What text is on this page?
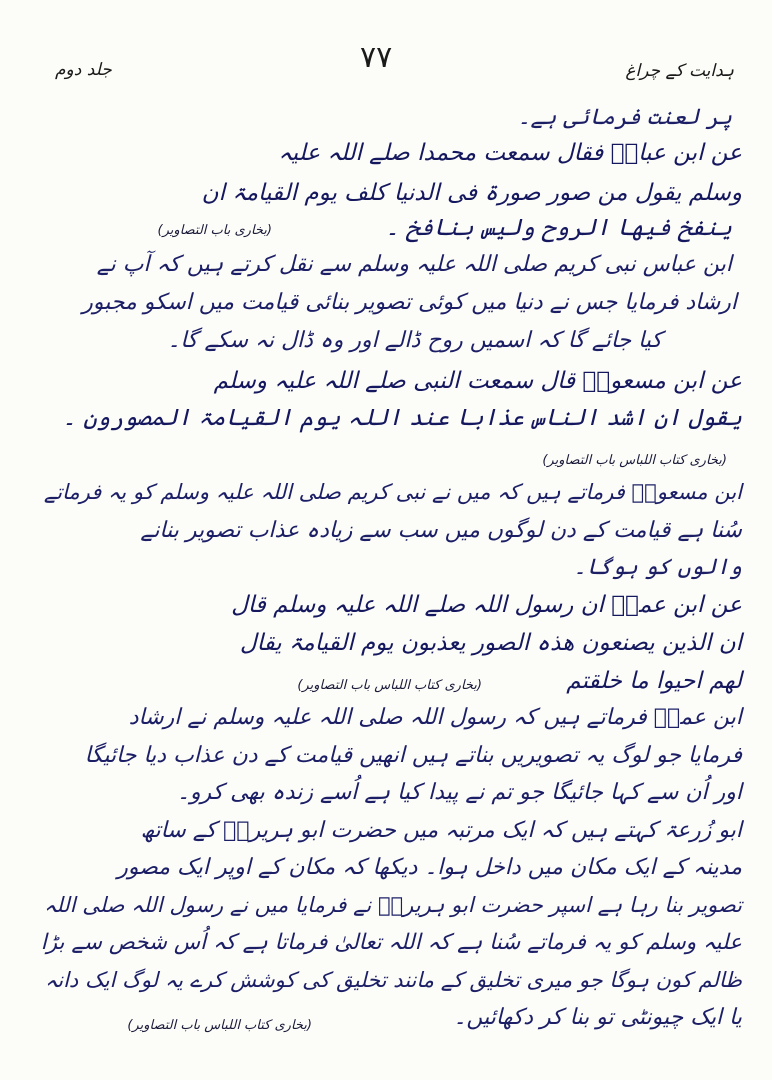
جلد دوم	۷۷	ہدایت کے چراغ
پر لعنت فرمائی ہے۔
عن ابن عباسؓ فقال سمعت محمدا صلے اللہ علیہ
وسلم یقول من صور صورۃ فی الدنیا کلف یوم القیامۃ ان
ینفخ فیھا الروح ولیس بنافخ ۔
(بخاری باب التصاویر)
ابن عباس نبی کریم صلی اللہ علیہ وسلم سے نقل کرتے ہیں کہ آپ نے
ارشاد فرمایا جس نے دنیا میں کوئی تصویر بنائی قیامت میں اسکو مجبور
کیا جائے گا کہ اسمیں روح ڈالے اور وہ ڈال نہ سکے گا۔
عن ابن مسعودؓ قال سمعت النبی صلے اللہ علیہ وسلم
یقول ان اشد الناس عذابا عند اللہ یوم القیامۃ المصورون ۔
(بخاری کتاب اللباس باب التصاویر)
ابن مسعودؓ فرماتے ہیں کہ میں نے نبی کریم صلی اللہ علیہ وسلم کو یہ فرماتے
سُنا ہے قیامت کے دن لوگوں میں سب سے زیادہ عذاب تصویر بنانے
والوں کو ہوگا۔
عن ابن عمرؓ ان رسول اللہ صلے اللہ علیہ وسلم قال
ان الذین یصنعون ھذہ الصور یعذبون یوم القیامۃ یقال
لھم احیوا ما خلقتم
(بخاری کتاب اللباس باب التصاویر)
ابن عمرؓ فرماتے ہیں کہ رسول اللہ صلی اللہ علیہ وسلم نے ارشاد
فرمایا جو لوگ یہ تصویریں بناتے ہیں انھیں قیامت کے دن عذاب دیا جائیگا
اور اُن سے کہا جائیگا جو تم نے پیدا کیا ہے اُسے زندہ بھی کرو۔
ابو زُرعۃ کہتے ہیں کہ ایک مرتبہ میں حضرت ابو ہریرہؓ کے ساتھ
مدینہ کے ایک مکان میں داخل ہوا۔ دیکھا کہ مکان کے اوپر ایک مصور
تصویر بنا رہا ہے اسپر حضرت ابو ہریرہؓ نے فرمایا میں نے رسول اللہ صلی اللہ
علیہ وسلم کو یہ فرماتے سُنا ہے کہ اللہ تعالیٰ فرماتا ہے کہ اُس شخص سے بڑا
ظالم کون ہوگا جو میری تخلیق کے مانند تخلیق کی کوشش کرے یہ لوگ ایک دانہ
یا ایک چیونٹی تو بنا کر دکھائیں۔
(بخاری کتاب اللباس باب التصاویر)
